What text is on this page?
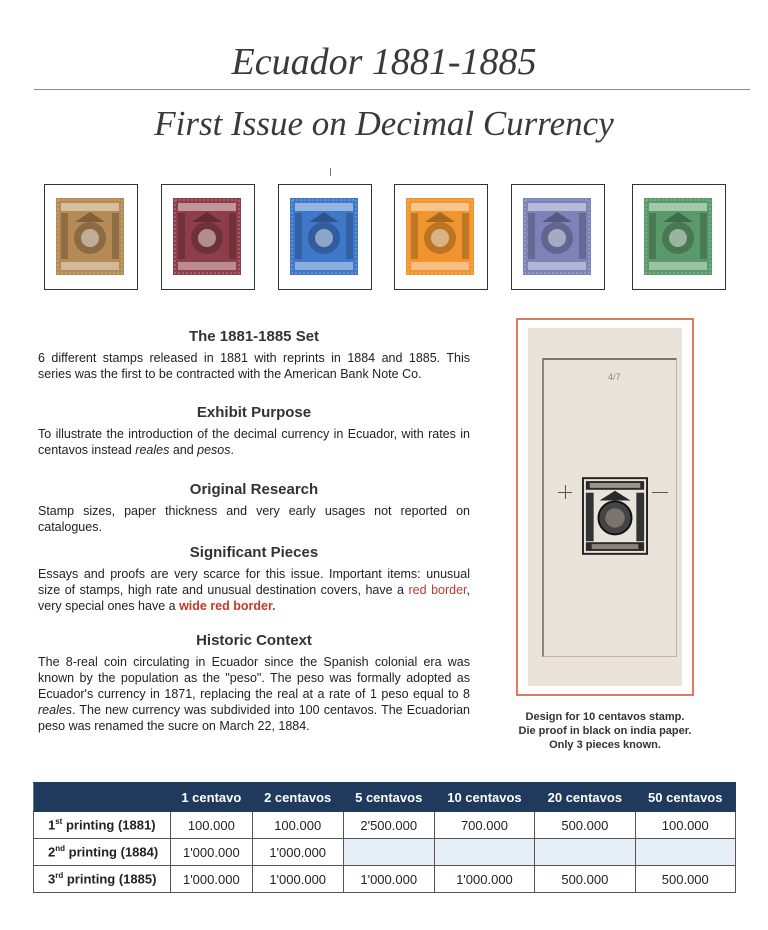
Ecuador 1881-1885
First Issue on Decimal Currency
The 1881-1885 Set

6 different stamps released in 1881 with reprints in 1884 and 1885. This series was the first to be contracted with the American Bank Note Co.

Exhibit Purpose

To illustrate the introduction of the decimal currency in Ecuador, with rates in centavos instead reales and pesos.

Original Research

Stamp sizes, paper thickness and very early usages not reported on catalogues.

Significant Pieces

Essays and proofs are very scarce for this issue. Important items: unusual size of stamps, high rate and unusual destination covers, have a red border, very special ones have a wide red border.

Historic Context

The 8-real coin circulating in Ecuador since the Spanish colonial era was known by the population as the "peso". The peso was formally adopted as Ecuador's currency in 1871, replacing the real at a rate of 1 peso equal to 8 reales. The new currency was subdivided into 100 centavos. The Ecuadorian peso was renamed the sucre on March 22, 1884.

4/7
Design for 10 centavos stamp.
Die proof in black on india paper.
Only 3 pieces known.
	1 centavo	2 centavos	5 centavos	10 centavos	20 centavos	50 centavos
1st printing (1881)	100.000	100.000	2'500.000	700.000	500.000	100.000
2nd printing (1884)	1'000.000	1'000.000				
3rd printing (1885)	1'000.000	1'000.000	1'000.000	1'000.000	500.000	500.000
